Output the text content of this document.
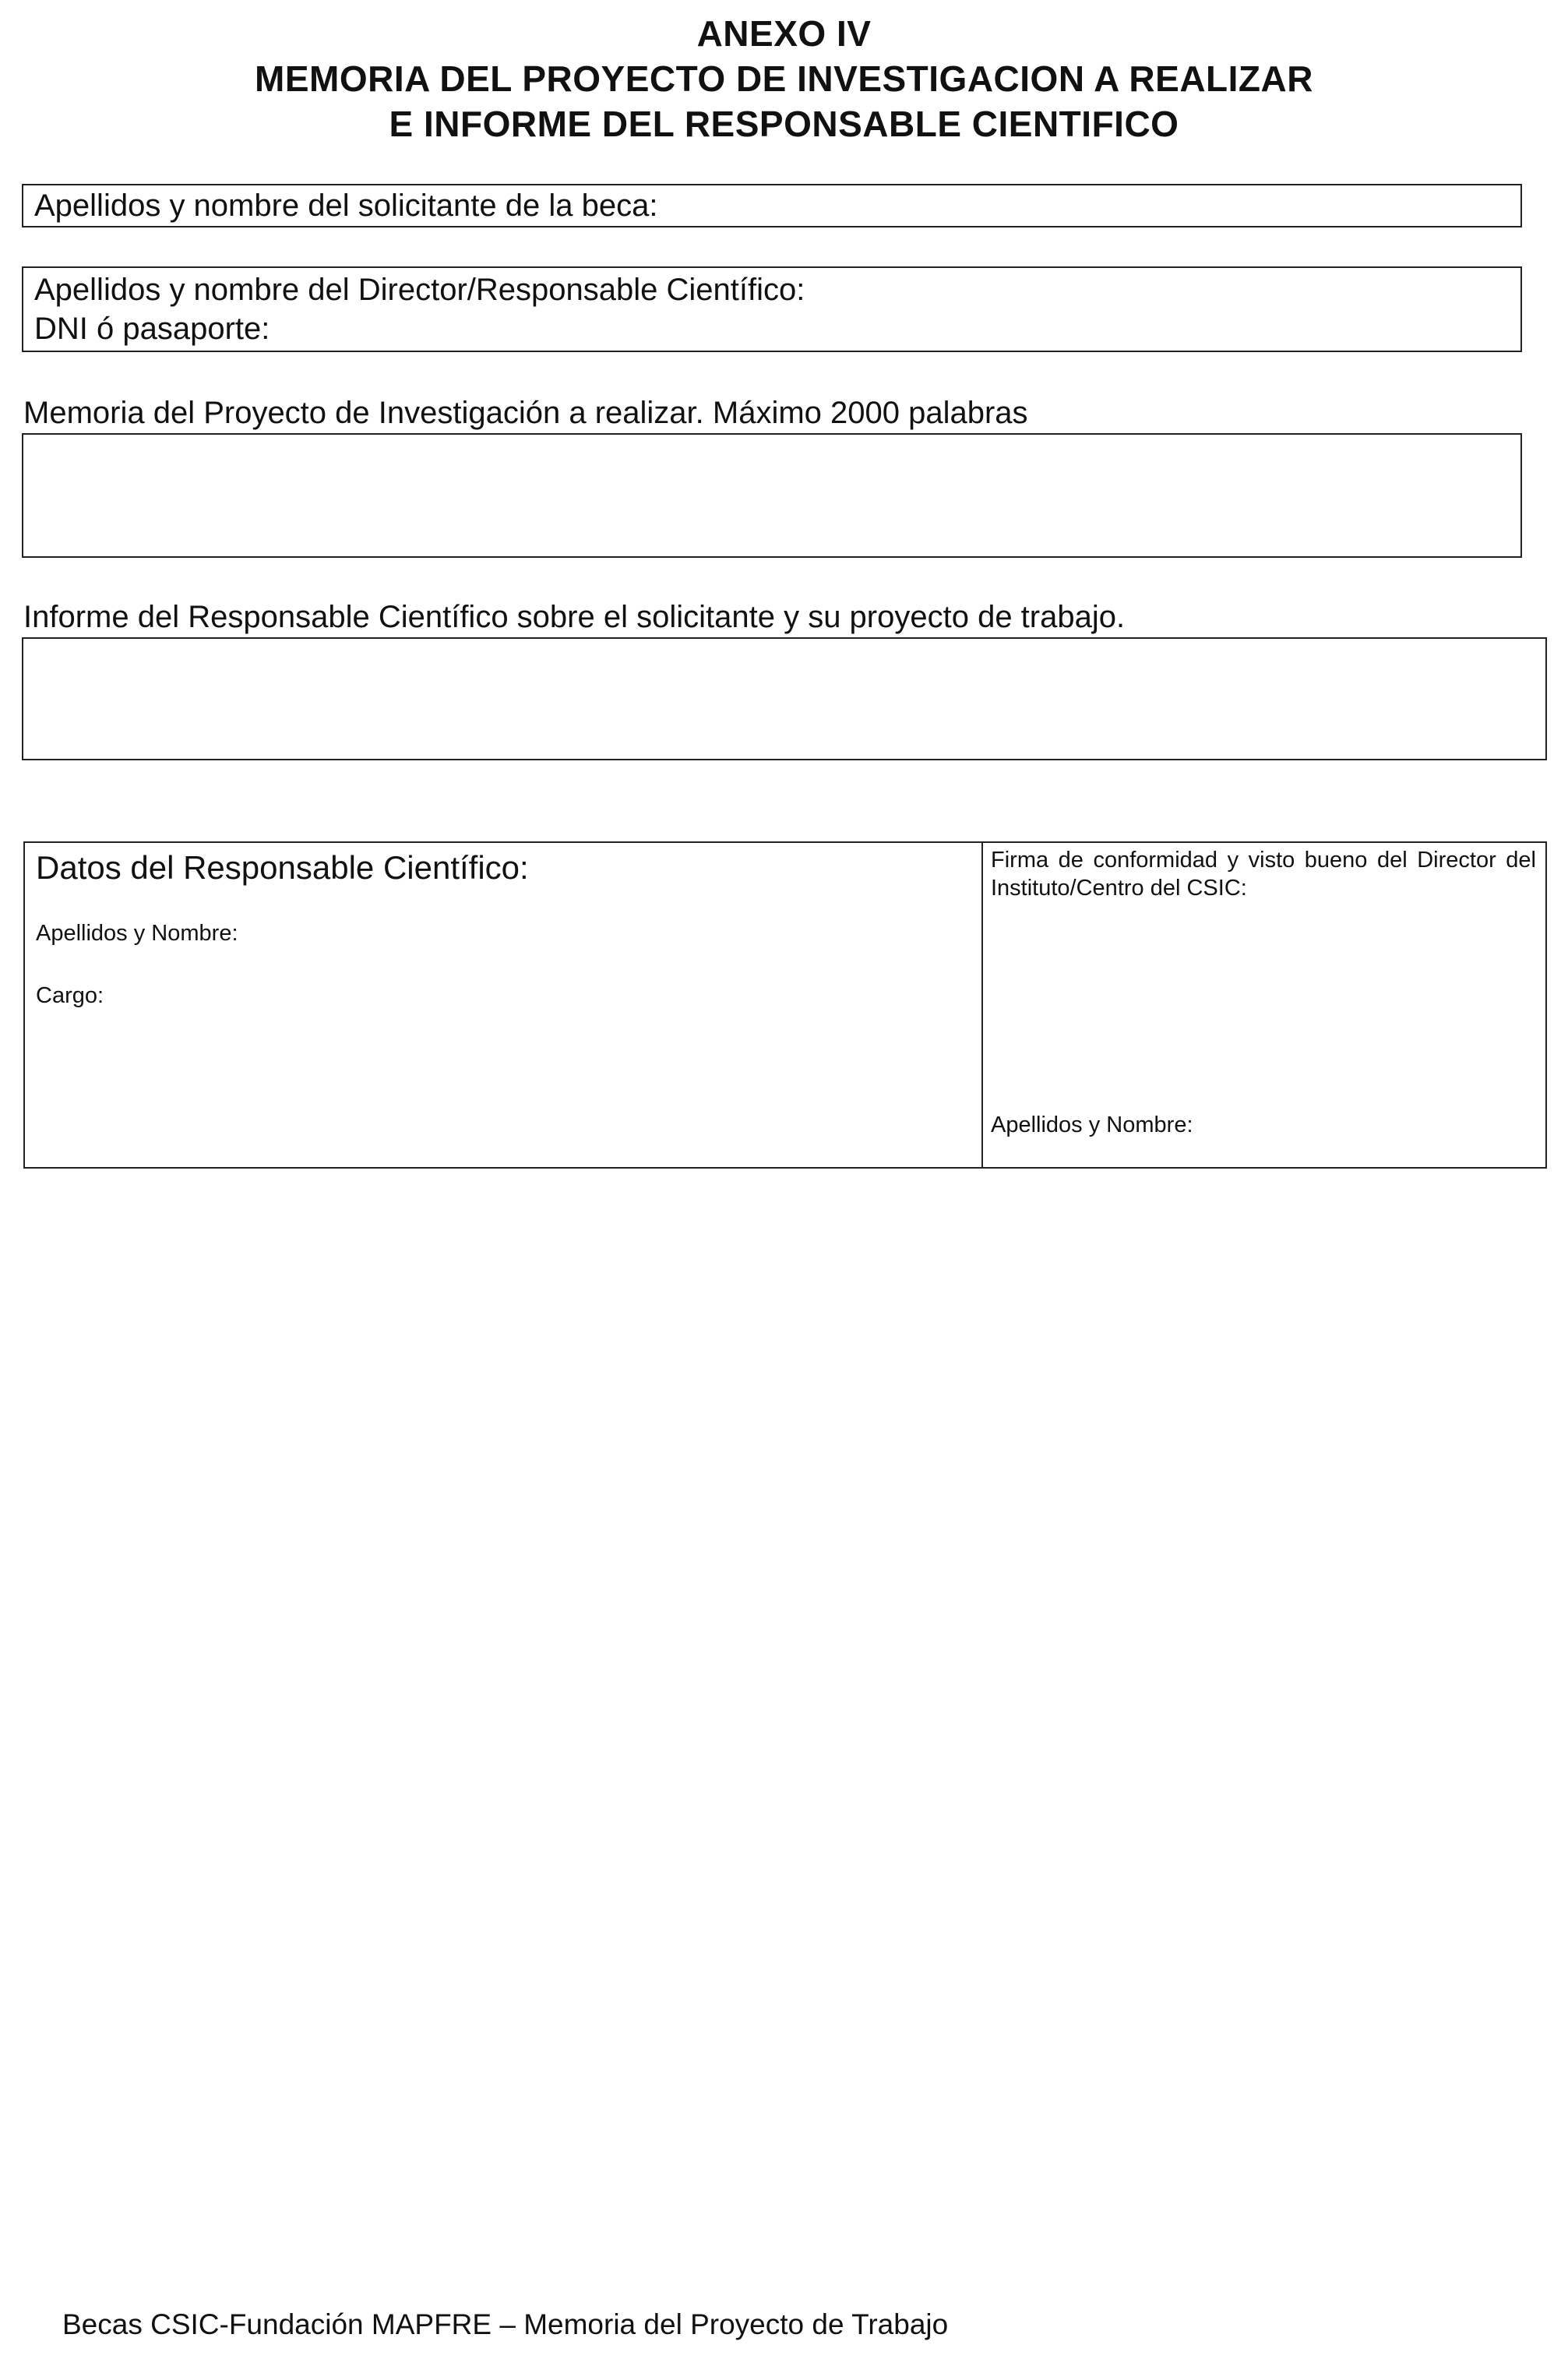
ANEXO IV
MEMORIA DEL PROYECTO DE INVESTIGACION A REALIZAR
E INFORME DEL RESPONSABLE CIENTIFICO
Apellidos y nombre del solicitante de la beca:
Apellidos y nombre del Director/Responsable Científico:
DNI ó pasaporte:
Memoria del Proyecto de Investigación a realizar. Máximo 2000 palabras
Informe del Responsable Científico sobre el solicitante y su proyecto de trabajo.
Datos del Responsable Científico:
Apellidos y Nombre:
Cargo:
Firma de conformidad y visto bueno del Director del Instituto/Centro del CSIC:
Apellidos y Nombre:
Becas CSIC-Fundación MAPFRE – Memoria del Proyecto de Trabajo
